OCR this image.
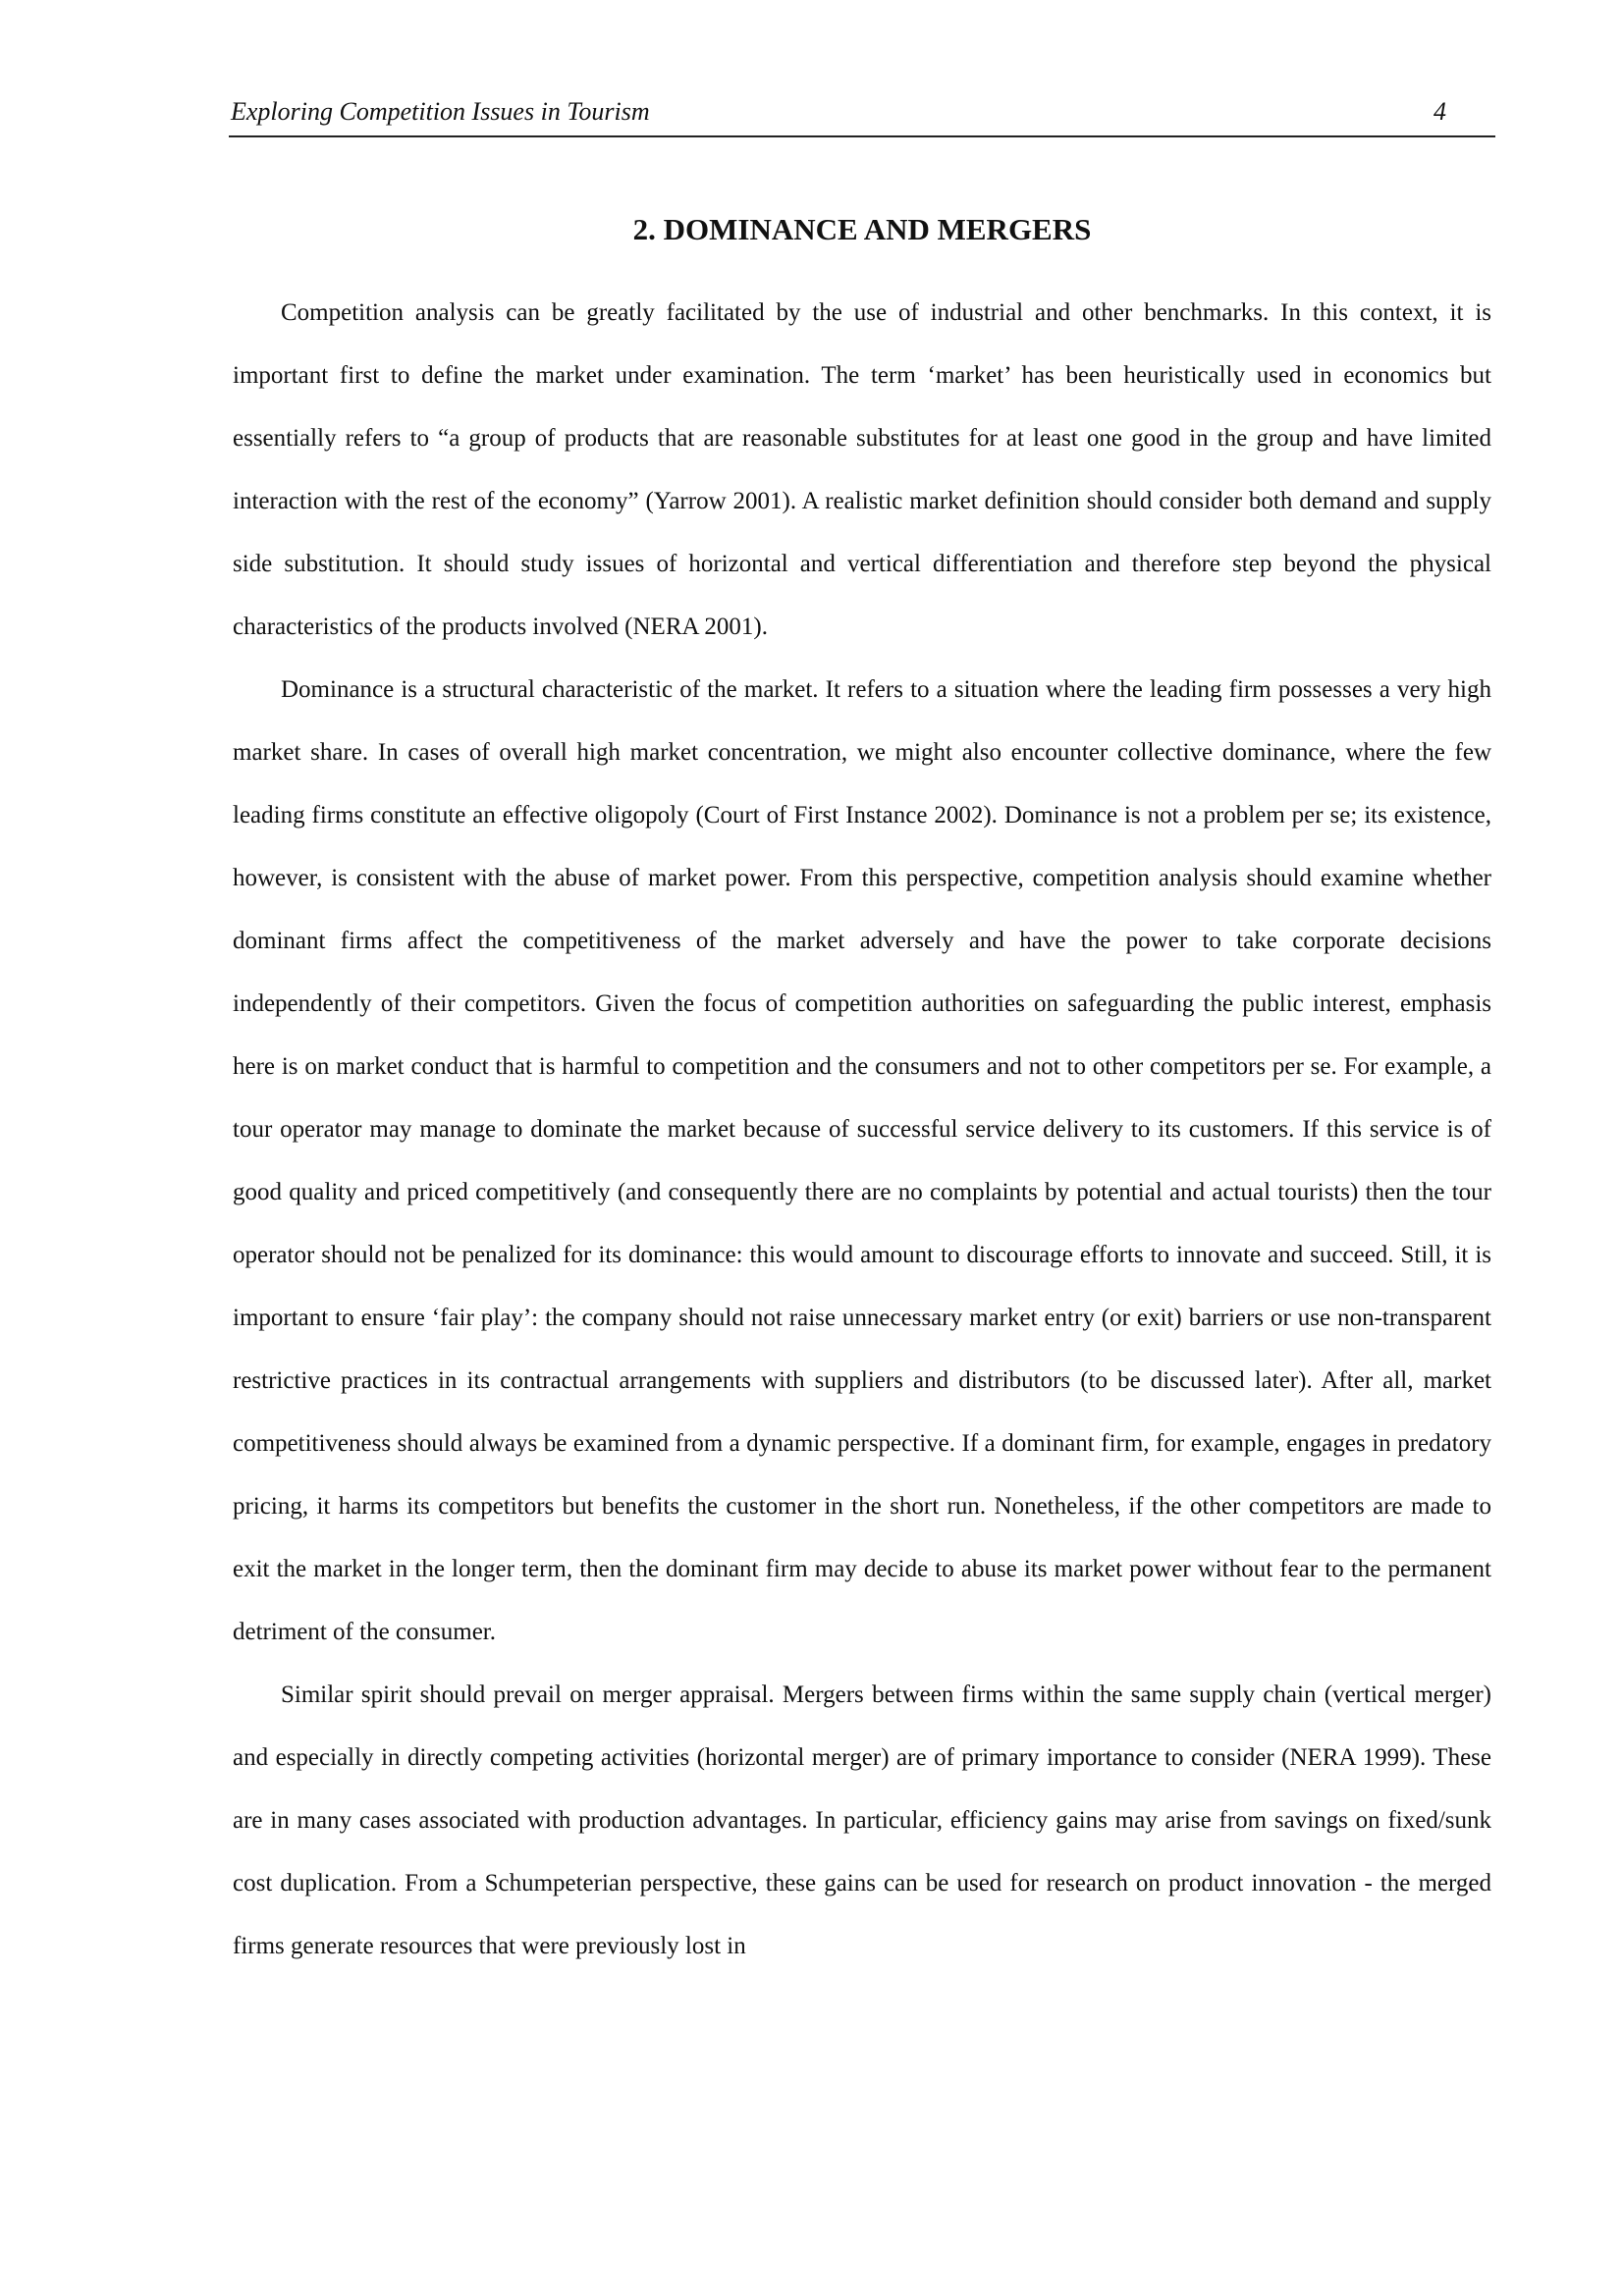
Exploring Competition Issues in Tourism	4
2. DOMINANCE AND MERGERS

Competition analysis can be greatly facilitated by the use of industrial and other benchmarks. In this context, it is important first to define the market under examination. The term ‘market’ has been heuristically used in economics but essentially refers to “a group of products that are reasonable substitutes for at least one good in the group and have limited interaction with the rest of the economy” (Yarrow 2001). A realistic market definition should consider both demand and supply side substitution. It should study issues of horizontal and vertical differentiation and therefore step beyond the physical characteristics of the products involved (NERA 2001).

Dominance is a structural characteristic of the market. It refers to a situation where the leading firm possesses a very high market share. In cases of overall high market concentration, we might also encounter collective dominance, where the few leading firms constitute an effective oligopoly (Court of First Instance 2002). Dominance is not a problem per se; its existence, however, is consistent with the abuse of market power. From this perspective, competition analysis should examine whether dominant firms affect the competitiveness of the market adversely and have the power to take corporate decisions independently of their competitors. Given the focus of competition authorities on safeguarding the public interest, emphasis here is on market conduct that is harmful to competition and the consumers and not to other competitors per se. For example, a tour operator may manage to dominate the market because of successful service delivery to its customers. If this service is of good quality and priced competitively (and consequently there are no complaints by potential and actual tourists) then the tour operator should not be penalized for its dominance: this would amount to discourage efforts to innovate and succeed. Still, it is important to ensure ‘fair play’: the company should not raise unnecessary market entry (or exit) barriers or use non-transparent restrictive practices in its contractual arrangements with suppliers and distributors (to be discussed later). After all, market competitiveness should always be examined from a dynamic perspective. If a dominant firm, for example, engages in predatory pricing, it harms its competitors but benefits the customer in the short run. Nonetheless, if the other competitors are made to exit the market in the longer term, then the dominant firm may decide to abuse its market power without fear to the permanent detriment of the consumer.

Similar spirit should prevail on merger appraisal. Mergers between firms within the same supply chain (vertical merger) and especially in directly competing activities (horizontal merger) are of primary importance to consider (NERA 1999). These are in many cases associated with production advantages. In particular, efficiency gains may arise from savings on fixed/sunk cost duplication. From a Schumpeterian perspective, these gains can be used for research on product innovation - the merged firms generate resources that were previously lost in
